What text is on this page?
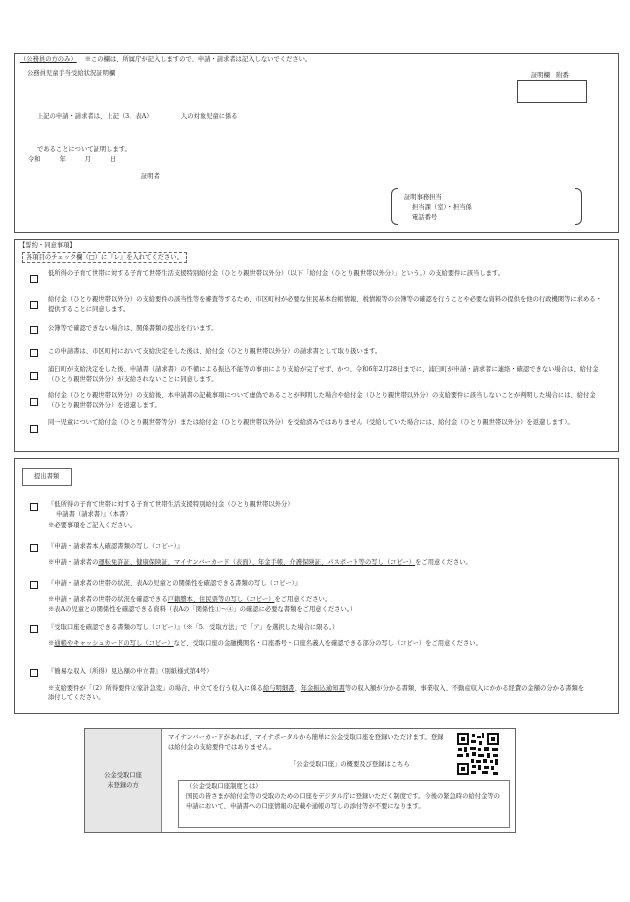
（公務員の方のみ） ※この欄は、所属庁が記入しますので、申請・請求者は記入しないでください。
公務員児童手当受給状況証明欄	証明欄　附番
上記の申請・請求者は、上記（3．表A）　　　　　人の対象児童に係る
であることについて証明します。
令和　　　年　　　月　　　日
証明者
証明事務担当
担当課（室）・担当係
電話番号
【誓約・同意事項】
各項目のチェック欄（□）に『レ』を入れてください。
低所得の子育て世帯に対する子育て世帯生活支援特別給付金（ひとり親世帯以外分）（以下「給付金（ひとり親世帯以外分）」という。）の支給要件に該当します。
給付金（ひとり親世帯以外分）の支給要件の該当性等を審査等するため、市区町村が必要な住民基本台帳情報、税情報等の公簿等の確認を行うことや必要な資料の提供を他の行政機関等に求める・提供することに同意します。
公簿等で確認できない場合は、関係書類の提出を行います。
この申請書は、市区町村において支給決定をした後は、給付金（ひとり親世帯以外分）の請求書として取り扱います。
浦臼町が支給決定をした後、申請書（請求書）の不備による振込不能等の事由により支給が完了せず、かつ、令和6年2月28日までに、浦臼町が申請・請求者に連絡・確認できない場合は、給付金（ひとり親世帯以外分）が支給されないことに同意します。
給付金（ひとり親世帯以外分）の支給後、本申請書の記載事項について虚偽であることが判明した場合や給付金（ひとり親世帯以外分）の支給要件に該当しないことが判明した場合には、給付金（ひとり親世帯以外分）を返還します。
同一児童について給付金（ひとり親世帯等分）または給付金（ひとり親世帯以外分）を受給済みではありません（受給していた場合には、給付金（ひとり親世帯以外分）を返還します）。
提出書類
『低所得の子育て世帯に対する子育て世帯生活支援特別給付金（ひとり親世帯以外分）
申請書（請求書）』（本書）
※必要事項をご記入ください。
『申請・請求者本人確認書類の写し（コピー）』
※申請・請求者の運転免許証、健康保険証、マイナンバーカード（表面）、年金手帳、介護保険証、パスポート等の写し（コピー）をご用意ください。
『申請・請求者の世帯の状況、表Aの児童との関係性を確認できる書類の写し（コピー）』
※申請・請求者の世帯の状況を確認できる戸籍謄本、住民票等の写し（コピー）をご用意ください。
※表Aの児童との関係性を確認できる資料（表Aの「関係性①～④」の確認に必要な書類をご用意ください。）
『受取口座を確認できる書類の写し（コピー）』（※「5．受取方法」で「ア」を選択した場合に限る。）
※通帳やキャッシュカードの写し（コピー）など、受取口座の金融機関名・口座番号・口座名義人を確認できる部分の写し（コピー）をご用意ください。
『簡易な収入（所得）見込額の申立書』（別紙様式第4号）
※支給要件が「（2）所得要件②家計急変」の場合、申立てを行う収入に係る給与明細書、年金振込通知書等の収入額が分かる書類、事業収入、不動産収入にかかる経費の金額の分かる書類を添付してください。
公金受取口座
未登録の方
マイナンバーカードがあれば、マイナポータルから簡単に公金受取口座を登録いただけます。登録は給付金の支給要件ではありません。
「公金受取口座」の概要及び登録はこちら
（公金受取口座制度とは）
国民の皆さまが給付金等の受取のための口座をデジタル庁に登録いただく制度です。今後の緊急時の給付金等の申請において、申請書への口座情報の記載や通帳の写しの添付等が不要になります。
